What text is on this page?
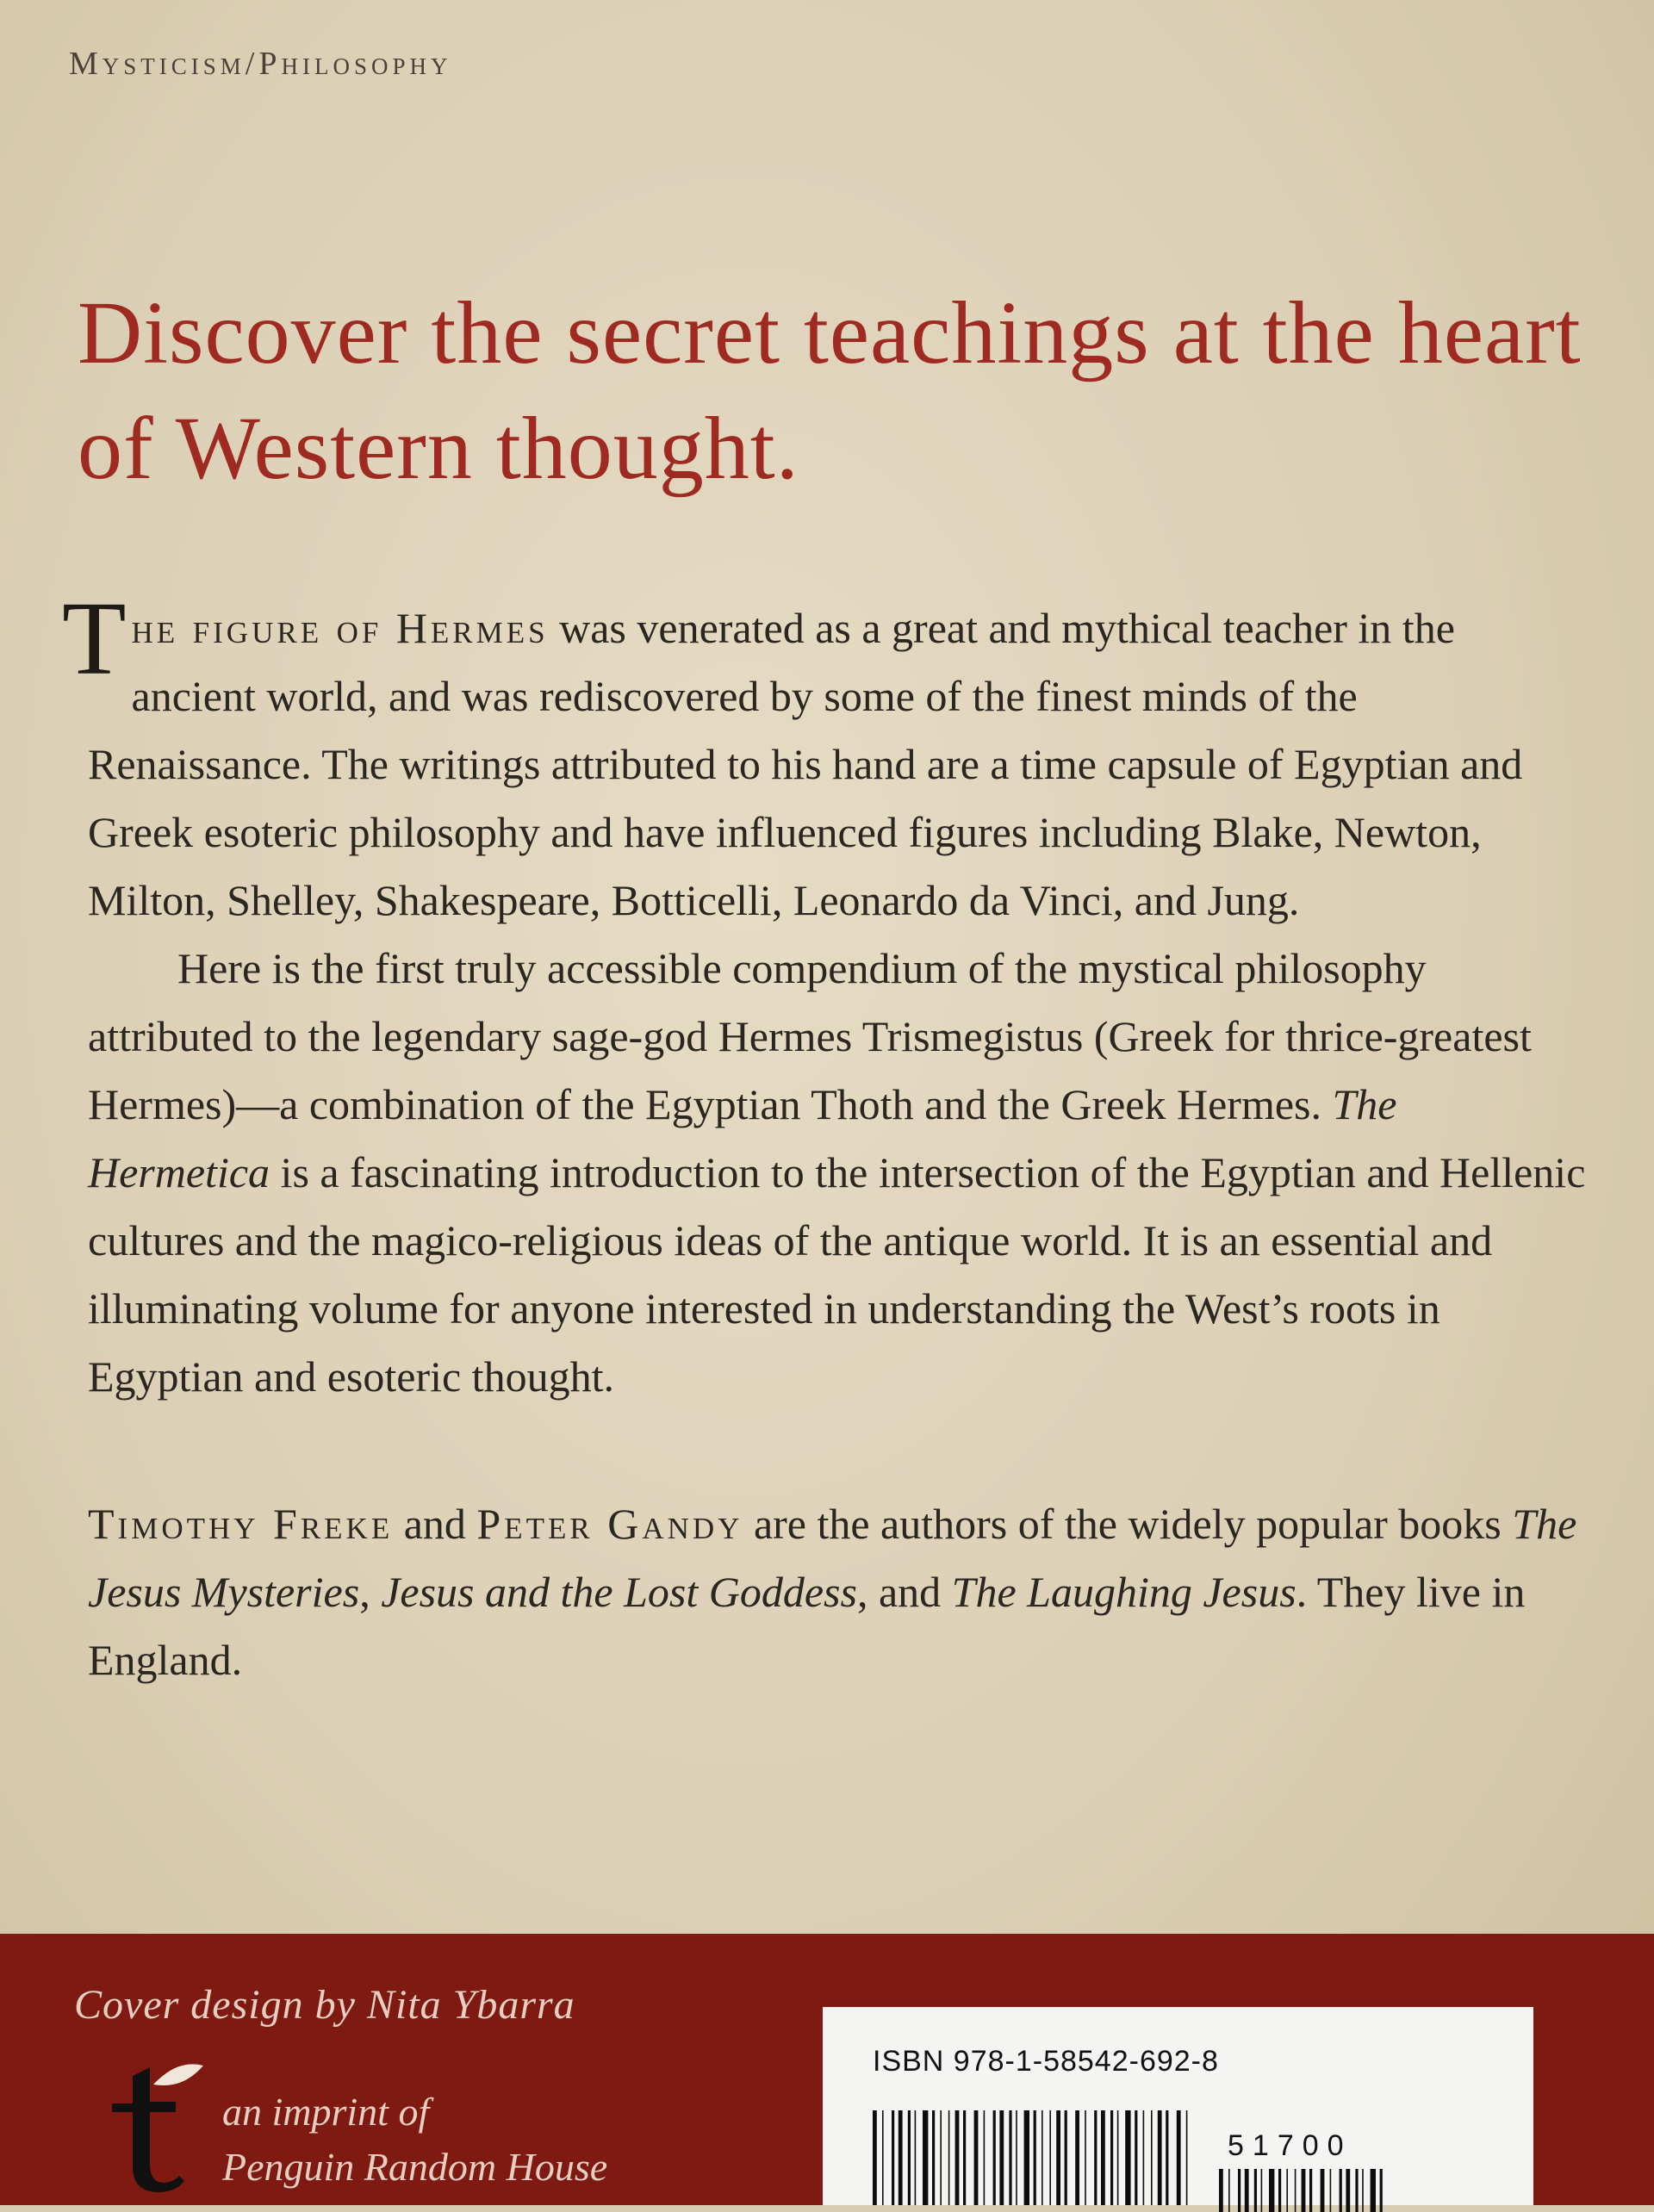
Mysticism/Philosophy
Discover the secret teachings at the heart of Western thought.

The figure of Hermes was venerated as a great and mythical teacher in the ancient world, and was rediscovered by some of the finest minds of the Renaissance. The writings attributed to his hand are a time capsule of Egyptian and Greek esoteric philosophy and have influenced figures including Blake, Newton, Milton, Shelley, Shakespeare, Botticelli, Leonardo da Vinci, and Jung.

Here is the first truly accessible compendium of the mystical philosophy attributed to the legendary sage-god Hermes Trismegistus (Greek for thrice-greatest Hermes)—a combination of the Egyptian Thoth and the Greek Hermes. The Hermetica is a fascinating introduction to the intersection of the Egyptian and Hellenic cultures and the magico-religious ideas of the antique world. It is an essential and illuminating volume for anyone interested in understanding the West’s roots in Egyptian and esoteric thought.

Timothy Freke and Peter Gandy are the authors of the widely popular books The Jesus Mysteries, Jesus and the Lost Goddess, and The Laughing Jesus. They live in England.

Cover design by Nita Ybarra
an imprint of
Penguin Random House
ISBN 978-1-58542-692-8
51700
